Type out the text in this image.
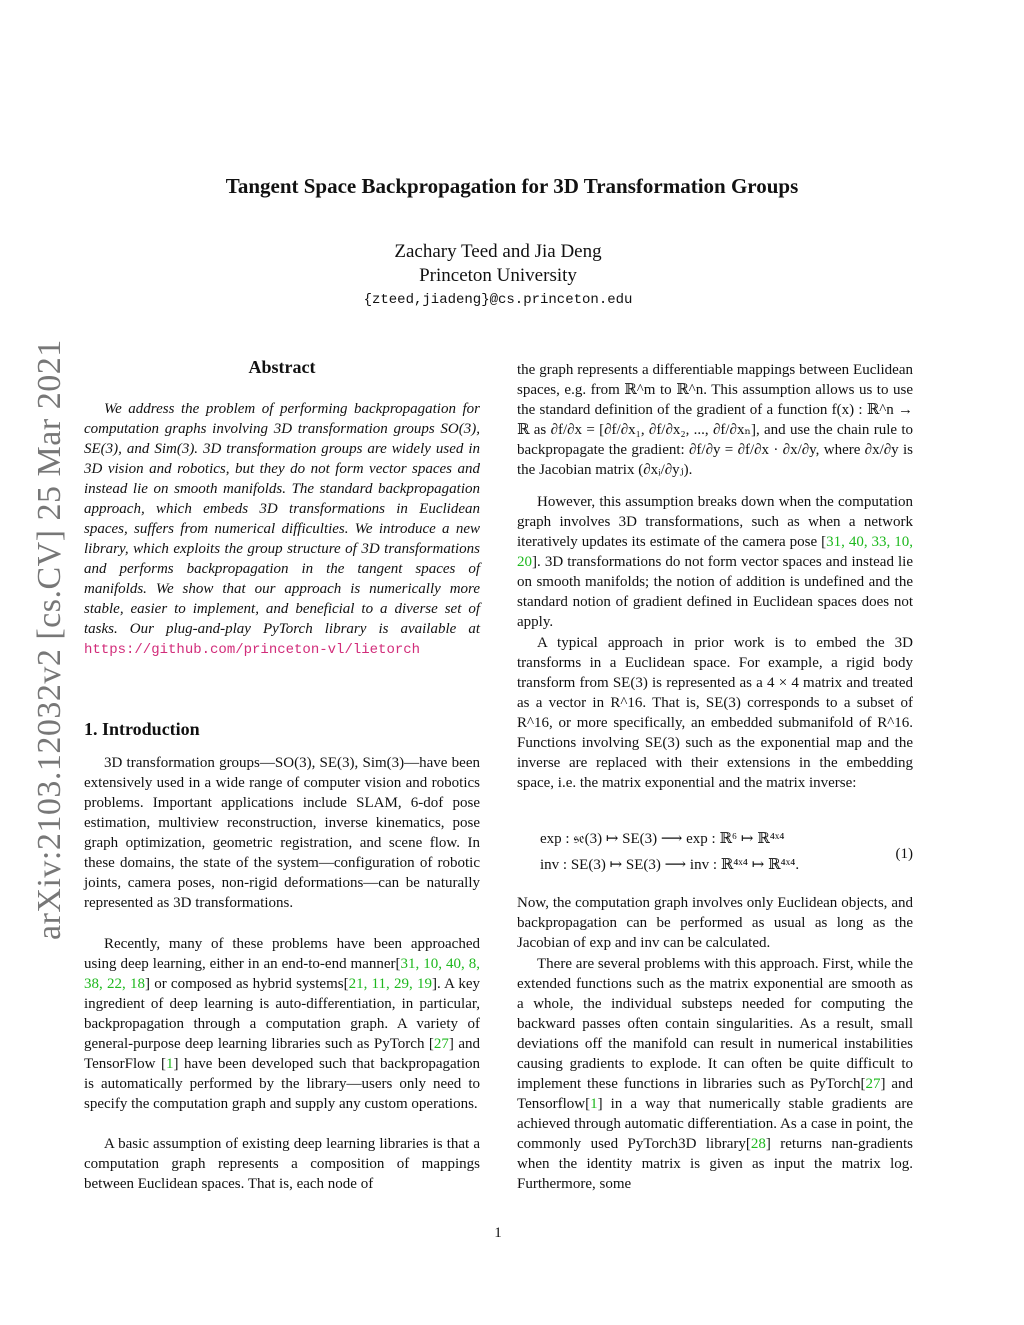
arXiv:2103.12032v2 [cs.CV] 25 Mar 2021
Tangent Space Backpropagation for 3D Transformation Groups
Zachary Teed and Jia Deng
Princeton University
{zteed,jiadeng}@cs.princeton.edu
Abstract

We address the problem of performing backpropagation for computation graphs involving 3D transformation groups SO(3), SE(3), and Sim(3). 3D transformation groups are widely used in 3D vision and robotics, but they do not form vector spaces and instead lie on smooth manifolds. The standard backpropagation approach, which embeds 3D transformations in Euclidean spaces, suffers from numerical difficulties. We introduce a new library, which exploits the group structure of 3D transformations and performs backpropagation in the tangent spaces of manifolds. We show that our approach is numerically more stable, easier to implement, and beneficial to a diverse set of tasks. Our plug-and-play PyTorch library is available at https://github.com/princeton-vl/lietorch

1. Introduction

3D transformation groups—SO(3), SE(3), Sim(3)—have been extensively used in a wide range of computer vision and robotics problems. Important applications include SLAM, 6-dof pose estimation, multiview reconstruction, inverse kinematics, pose graph optimization, geometric registration, and scene flow. In these domains, the state of the system—configuration of robotic joints, camera poses, non-rigid deformations—can be naturally represented as 3D transformations.

Recently, many of these problems have been approached using deep learning, either in an end-to-end manner[31, 10, 40, 8, 38, 22, 18] or composed as hybrid systems[21, 11, 29, 19]. A key ingredient of deep learning is auto-differentiation, in particular, backpropagation through a computation graph. A variety of general-purpose deep learning libraries such as PyTorch [27] and TensorFlow [1] have been developed such that backpropagation is automatically performed by the library—users only need to specify the computation graph and supply any custom operations.

A basic assumption of existing deep learning libraries is that a computation graph represents a composition of mappings between Euclidean spaces. That is, each node of

the graph represents a differentiable mappings between Euclidean spaces, e.g. from ℝ^m to ℝ^n. This assumption allows us to use the standard definition of the gradient of a function f(x) : ℝ^n → ℝ as ∂f/∂x = [∂f/∂x₁, ∂f/∂x₂, ..., ∂f/∂xₙ], and use the chain rule to backpropagate the gradient: ∂f/∂y = ∂f/∂x · ∂x/∂y, where ∂x/∂y is the Jacobian matrix (∂xᵢ/∂yⱼ).

However, this assumption breaks down when the computation graph involves 3D transformations, such as when a network iteratively updates its estimate of the camera pose [31, 40, 33, 10, 20]. 3D transformations do not form vector spaces and instead lie on smooth manifolds; the notion of addition is undefined and the standard notion of gradient defined in Euclidean spaces does not apply.

A typical approach in prior work is to embed the 3D transforms in a Euclidean space. For example, a rigid body transform from SE(3) is represented as a 4 × 4 matrix and treated as a vector in R^16. That is, SE(3) corresponds to a subset of R^16, or more specifically, an embedded submanifold of R^16. Functions involving SE(3) such as the exponential map and the inverse are replaced with their extensions in the embedding space, i.e. the matrix exponential and the matrix inverse:

exp : 𝔰𝔢(3) ↦ SE(3) ⟶ exp : ℝ⁶ ↦ ℝ⁴ˣ⁴
inv : SE(3) ↦ SE(3) ⟶ inv : ℝ⁴ˣ⁴ ↦ ℝ⁴ˣ⁴.
(1)

Now, the computation graph involves only Euclidean objects, and backpropagation can be performed as usual as long as the Jacobian of exp and inv can be calculated.

There are several problems with this approach. First, while the extended functions such as the matrix exponential are smooth as a whole, the individual substeps needed for computing the backward passes often contain singularities. As a result, small deviations off the manifold can result in numerical instabilities causing gradients to explode. It can often be quite difficult to implement these functions in libraries such as PyTorch[27] and Tensorflow[1] in a way that numerically stable gradients are achieved through automatic differentiation. As a case in point, the commonly used PyTorch3D library[28] returns nan-gradients when the identity matrix is given as input the matrix log. Furthermore, some

1
